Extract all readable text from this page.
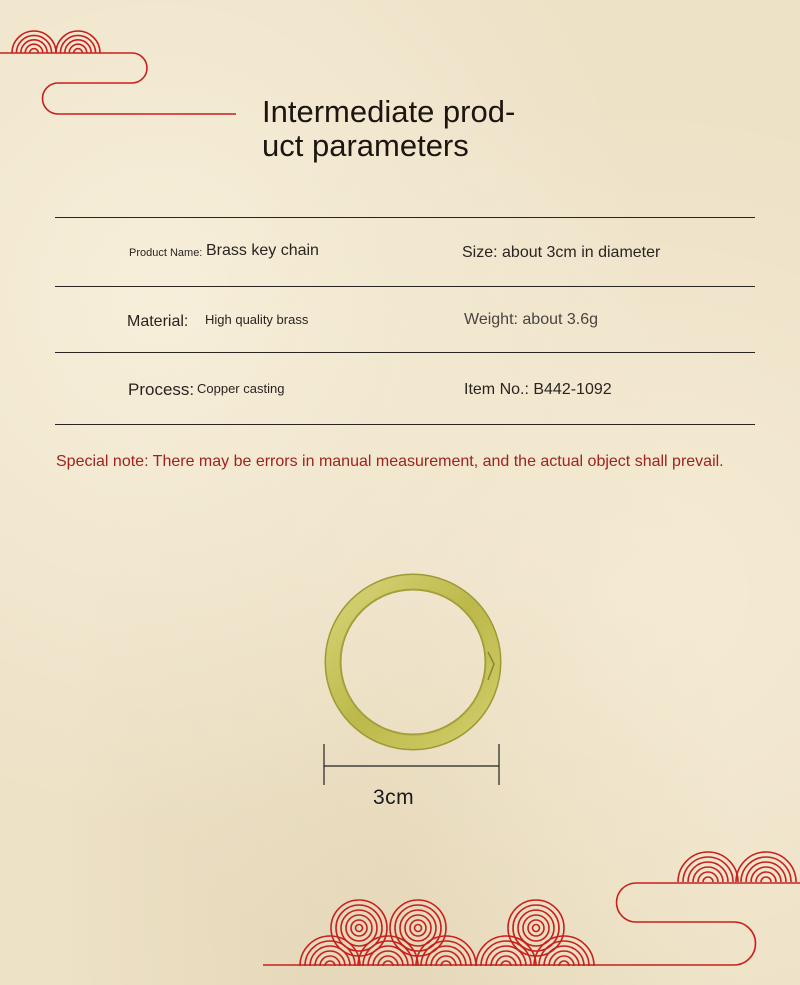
Intermediate prod-
uct parameters
Product Name: Brass key chain	Size: about 3cm in diameter
Material: High quality brass	Weight: about 3.6g
Process: Copper casting	Item No.: B442-1092
Special note: There may be errors in manual measurement, and the actual object shall prevail.
3cm
